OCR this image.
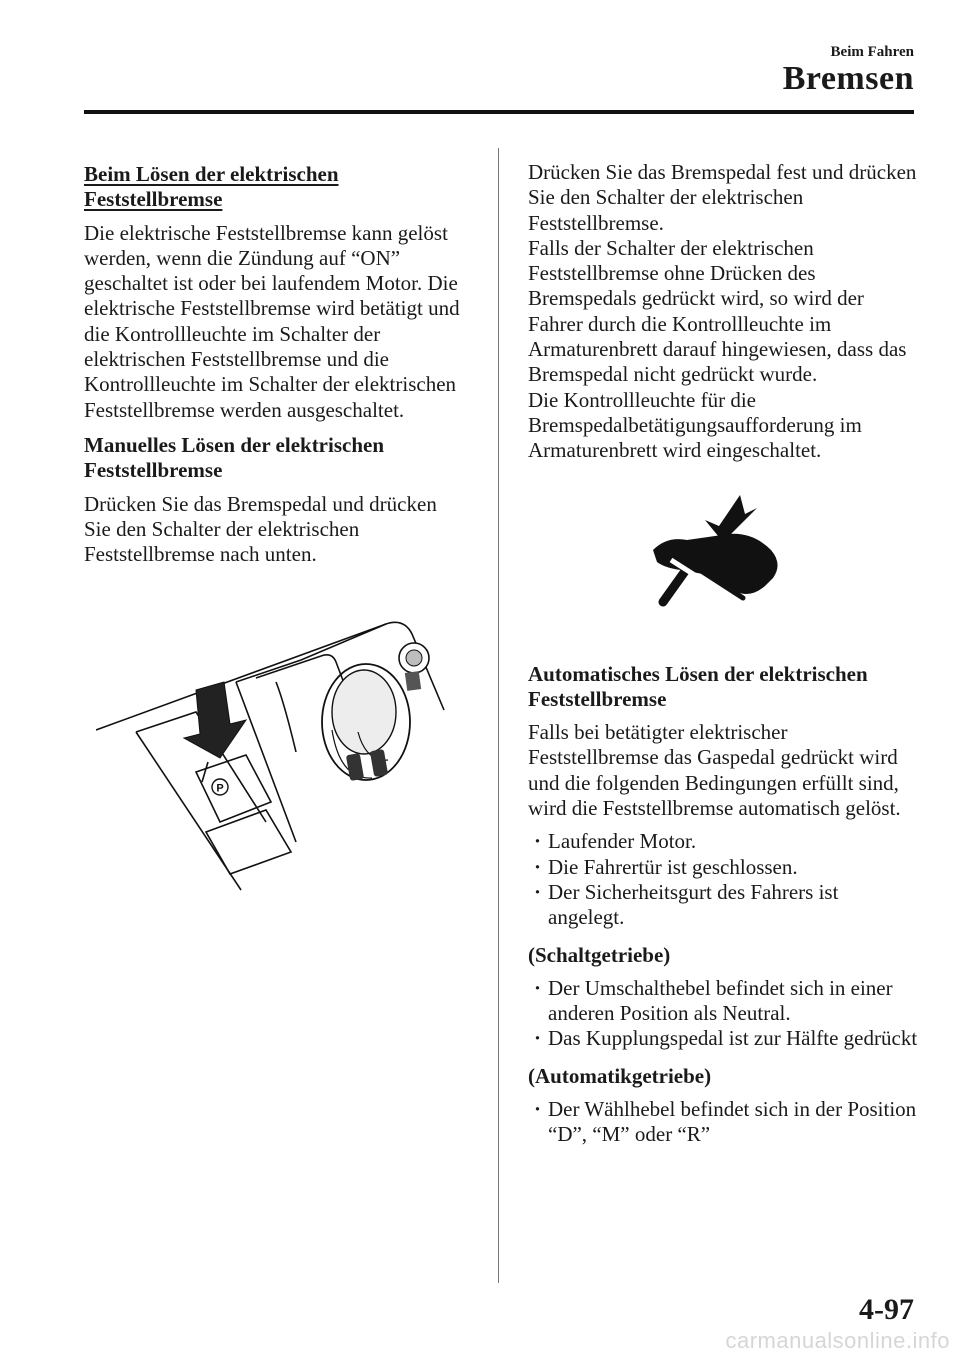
Beim Fahren
Bremsen

Beim Lösen der elektrischen Feststellbremse

Die elektrische Feststellbremse kann gelöst werden, wenn die Zündung auf “ON” geschaltet ist oder bei laufendem Motor. Die elektrische Feststellbremse wird betätigt und die Kontrollleuchte im Schalter der elektrischen Feststellbremse und die Kontrollleuchte im Schalter der elektrischen Feststellbremse werden ausgeschaltet.

Manuelles Lösen der elektrischen Feststellbremse

Drücken Sie das Bremspedal und drücken Sie den Schalter der elektrischen Feststellbremse nach unten.

P

Drücken Sie das Bremspedal fest und drücken Sie den Schalter der elektrischen Feststellbremse.

Falls der Schalter der elektrischen Feststellbremse ohne Drücken des Bremspedals gedrückt wird, so wird der Fahrer durch die Kontrollleuchte im Armaturenbrett darauf hingewiesen, dass das Bremspedal nicht gedrückt wurde.

Die Kontrollleuchte für die Bremspedalbetätigungsaufforderung im Armaturenbrett wird eingeschaltet.

Automatisches Lösen der elektrischen Feststellbremse

Falls bei betätigter elektrischer Feststellbremse das Gaspedal gedrückt wird und die folgenden Bedingungen erfüllt sind, wird die Feststellbremse automatisch gelöst.

· Laufender Motor.
· Die Fahrertür ist geschlossen.
· Der Sicherheitsgurt des Fahrers ist angelegt.

(Schaltgetriebe)

· Der Umschalthebel befindet sich in einer anderen Position als Neutral.
· Das Kupplungspedal ist zur Hälfte gedrückt

(Automatikgetriebe)

· Der Wählhebel befindet sich in der Position “D”, “M” oder “R”
4-97
carmanualsonline.info
